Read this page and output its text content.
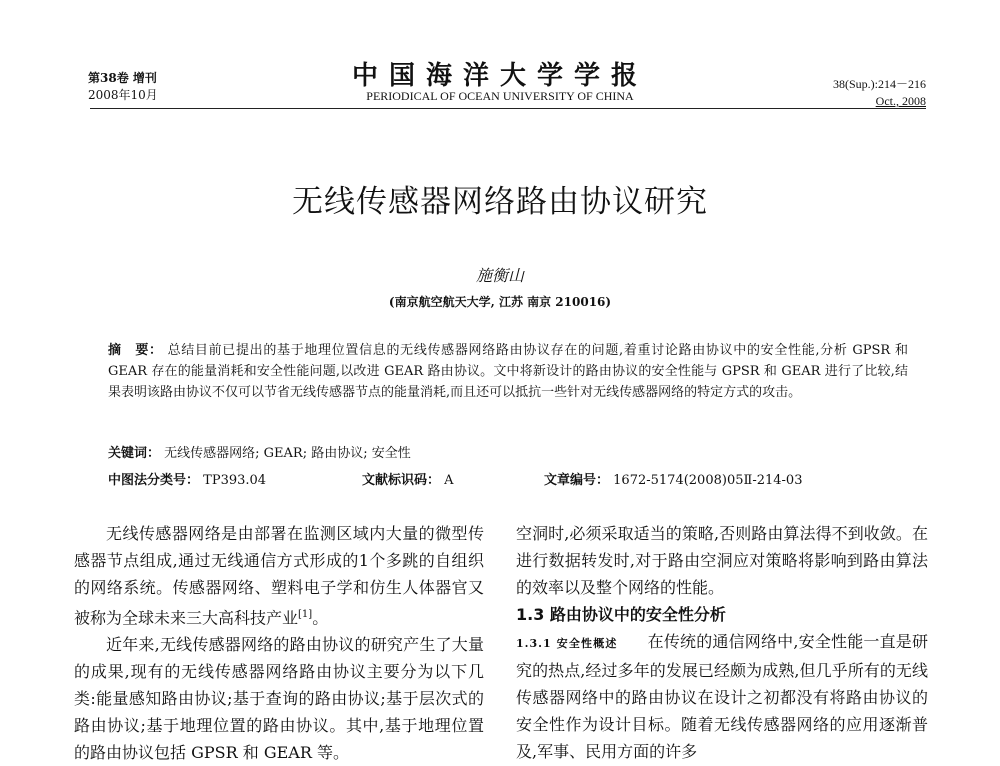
第38卷 增刊
2008年10月
中国海洋大学学报
PERIODICAL OF OCEAN UNIVERSITY OF CHINA
38(Sup.):214－216
Oct., 2008
无线传感器网络路由协议研究
施衡山
(南京航空航天大学, 江苏 南京 210016)
摘　要： 总结目前已提出的基于地理位置信息的无线传感器网络路由协议存在的问题,着重讨论路由协议中的安全性能,分析 GPSR 和 GEAR 存在的能量消耗和安全性能问题,以改进 GEAR 路由协议。文中将新设计的路由协议的安全性能与 GPSR 和 GEAR 进行了比较,结果表明该路由协议不仅可以节省无线传感器节点的能量消耗,而且还可以抵抗一些针对无线传感器网络的特定方式的攻击。
关键词： 无线传感器网络; GEAR; 路由协议; 安全性
中图法分类号： TP393.04	文献标识码： A	文章编号： 1672-5174(2008)05Ⅱ-214-03

无线传感器网络是由部署在监测区域内大量的微型传感器节点组成,通过无线通信方式形成的1个多跳的自组织的网络系统。传感器网络、塑料电子学和仿生人体器官又被称为全球未来三大高科技产业[1]。

近年来,无线传感器网络的路由协议的研究产生了大量的成果,现有的无线传感器网络路由协议主要分为以下几类:能量感知路由协议;基于查询的路由协议;基于层次式的路由协议;基于地理位置的路由协议。其中,基于地理位置的路由协议包括 GPSR 和 GEAR 等。

空洞时,必须采取适当的策略,否则路由算法得不到收敛。在进行数据转发时,对于路由空洞应对策略将影响到路由算法的效率以及整个网络的性能。

1.3 路由协议中的安全性分析

1.3.1 安全性概述 在传统的通信网络中,安全性能一直是研究的热点,经过多年的发展已经颇为成熟,但几乎所有的无线传感器网络中的路由协议在设计之初都没有将路由协议的安全性作为设计目标。随着无线传感器网络的应用逐渐普及,军事、民用方面的许多
